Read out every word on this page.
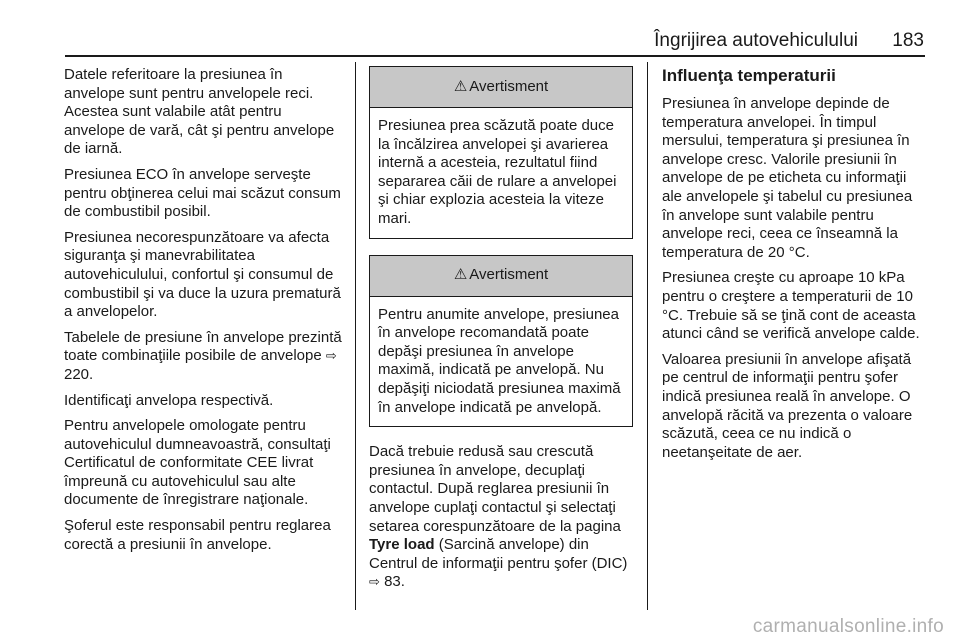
Îngrijirea autovehiculului 183

Datele referitoare la presiunea în anvelope sunt pentru anvelopele reci. Acestea sunt valabile atât pentru anvelope de vară, cât şi pentru anvelope de iarnă.

Presiunea ECO în anvelope serveşte pentru obţinerea celui mai scăzut consum de combustibil posibil.

Presiunea necorespunzătoare va afecta siguranţa şi manevrabilitatea autovehiculului, confortul şi consumul de combustibil şi va duce la uzura prematură a anvelopelor.

Tabelele de presiune în anvelope prezintă toate combinaţiile posibile de anvelope ⇨ 220.

Identificaţi anvelopa respectivă.

Pentru anvelopele omologate pentru autovehiculul dumneavoastră, consultaţi Certificatul de conformitate CEE livrat împreună cu autovehiculul sau alte documente de înregistrare naţionale.

Şoferul este responsabil pentru reglarea corectă a presiunii în anvelope.

⚠ Avertisment
Presiunea prea scăzută poate duce la încălzirea anvelopei şi avarierea internă a acesteia, rezultatul fiind separarea căii de rulare a anvelopei şi chiar explozia acesteia la viteze mari.
⚠ Avertisment
Pentru anumite anvelope, presiunea în anvelope recomandată poate depăşi presiunea în anvelope maximă, indicată pe anvelopă. Nu depăşiţi niciodată presiunea maximă în anvelope indicată pe anvelopă.

Dacă trebuie redusă sau crescută presiunea în anvelope, decuplaţi contactul. După reglarea presiunii în anvelope cuplaţi contactul şi selectaţi setarea corespunzătoare de la pagina Tyre load (Sarcină anvelope) din Centrul de informaţii pentru şofer (DIC) ⇨ 83.

Influenţa temperaturii

Presiunea în anvelope depinde de temperatura anvelopei. În timpul mersului, temperatura şi presiunea în anvelope cresc. Valorile presiunii în anvelope de pe eticheta cu informaţii ale anvelopele şi tabelul cu presiunea în anvelope sunt valabile pentru anvelope reci, ceea ce înseamnă la temperatura de 20 °C.

Presiunea creşte cu aproape 10 kPa pentru o creştere a temperaturii de 10 °C. Trebuie să se ţină cont de aceasta atunci când se verifică anvelope calde.

Valoarea presiunii în anvelope afişată pe centrul de informaţii pentru şofer indică presiunea reală în anvelope. O anvelopă răcită va prezenta o valoare scăzută, ceea ce nu indică o neetanşeitate de aer.

carmanualsonline.info
